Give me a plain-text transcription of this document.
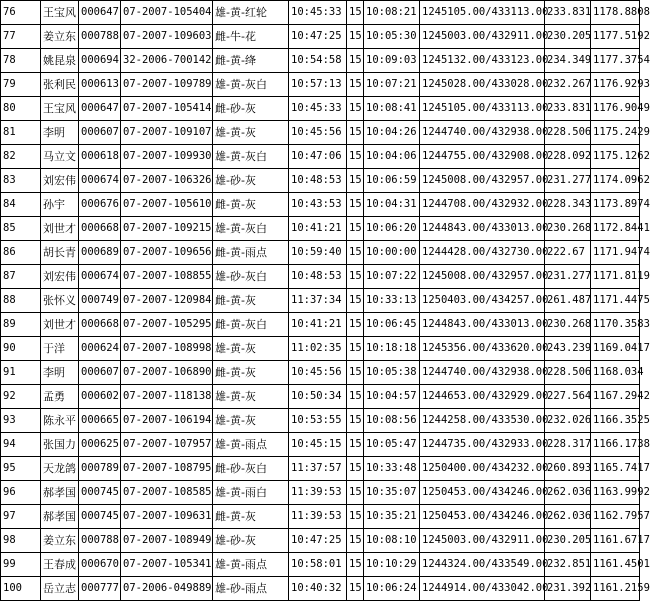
76	王宝风	000647	07-2007-105404	雄-黄-红轮	10:45:33	15	10:08:21	1245105.00/433113.00	233.831	1178.8808
77	姜立东	000788	07-2007-109603	雌-牛-花	10:47:25	15	10:05:30	1245003.00/432911.00	230.205	1177.5192
78	姚昆泉	000694	32-2006-700142	雌-黄-绛	10:54:58	15	10:09:03	1245132.00/433123.00	234.349	1177.3754
79	张利民	000613	07-2007-109789	雄-黄-灰白	10:57:13	15	10:07:21	1245028.00/433028.00	232.267	1176.9293
80	王宝风	000647	07-2007-105414	雌-砂-灰	10:45:33	15	10:08:41	1245105.00/433113.00	233.831	1176.9049
81	李明	000607	07-2007-109107	雄-黄-灰	10:45:56	15	10:04:26	1244740.00/432938.00	228.506	1175.2429
82	马立文	000618	07-2007-109930	雄-黄-灰白	10:47:06	15	10:04:06	1244755.00/432908.00	228.092	1175.1262
83	刘宏伟	000674	07-2007-106326	雄-砂-灰	10:48:53	15	10:06:59	1245008.00/432957.00	231.277	1174.0962
84	孙宇	000676	07-2007-105610	雌-黄-灰	10:43:53	15	10:04:31	1244708.00/432932.00	228.343	1173.8974
85	刘世才	000668	07-2007-109215	雄-黄-灰白	10:41:21	15	10:06:20	1244843.00/433013.00	230.268	1172.8441
86	胡长青	000689	07-2007-109656	雌-黄-雨点	10:59:40	15	10:00:00	1244428.00/432730.00	222.67	1171.9474
87	刘宏伟	000674	07-2007-108855	雄-砂-灰白	10:48:53	15	10:07:22	1245008.00/432957.00	231.277	1171.8119
88	张怀义	000749	07-2007-120984	雌-黄-灰	11:37:34	15	10:33:13	1250403.00/434257.00	261.487	1171.4475
89	刘世才	000668	07-2007-105295	雌-黄-灰白	10:41:21	15	10:06:45	1244843.00/433013.00	230.268	1170.3583
90	于洋	000624	07-2007-108998	雄-黄-灰	11:02:35	15	10:18:18	1245356.00/433620.00	243.239	1169.0417
91	李明	000607	07-2007-106890	雌-黄-灰	10:45:56	15	10:05:38	1244740.00/432938.00	228.506	1168.034
92	孟勇	000602	07-2007-118138	雄-黄-灰	10:50:34	15	10:04:57	1244653.00/432929.00	227.564	1167.2942
93	陈永平	000665	07-2007-106194	雄-黄-灰	10:53:55	15	10:08:56	1244258.00/433530.00	232.026	1166.3525
94	张国力	000625	07-2007-107957	雄-黄-雨点	10:45:15	15	10:05:47	1244735.00/432933.00	228.317	1166.1738
95	天龙鸽	000789	07-2007-108795	雌-砂-灰白	11:37:57	15	10:33:48	1250400.00/434232.00	260.893	1165.7417
96	郝孝国	000745	07-2007-108585	雄-黄-雨白	11:39:53	15	10:35:07	1250453.00/434246.00	262.036	1163.9992
97	郝孝国	000745	07-2007-109631	雌-黄-灰	11:39:53	15	10:35:21	1250453.00/434246.00	262.036	1162.7957
98	姜立东	000788	07-2007-108949	雄-砂-灰	10:47:25	15	10:08:10	1245003.00/432911.00	230.205	1161.6717
99	王春成	000670	07-2007-105341	雄-黄-雨点	10:58:01	15	10:10:29	1244324.00/433549.00	232.851	1161.4501
100	岳立志	000777	07-2006-049889	雄-砂-雨点	10:40:32	15	10:06:24	1244914.00/433042.00	231.392	1161.2159
